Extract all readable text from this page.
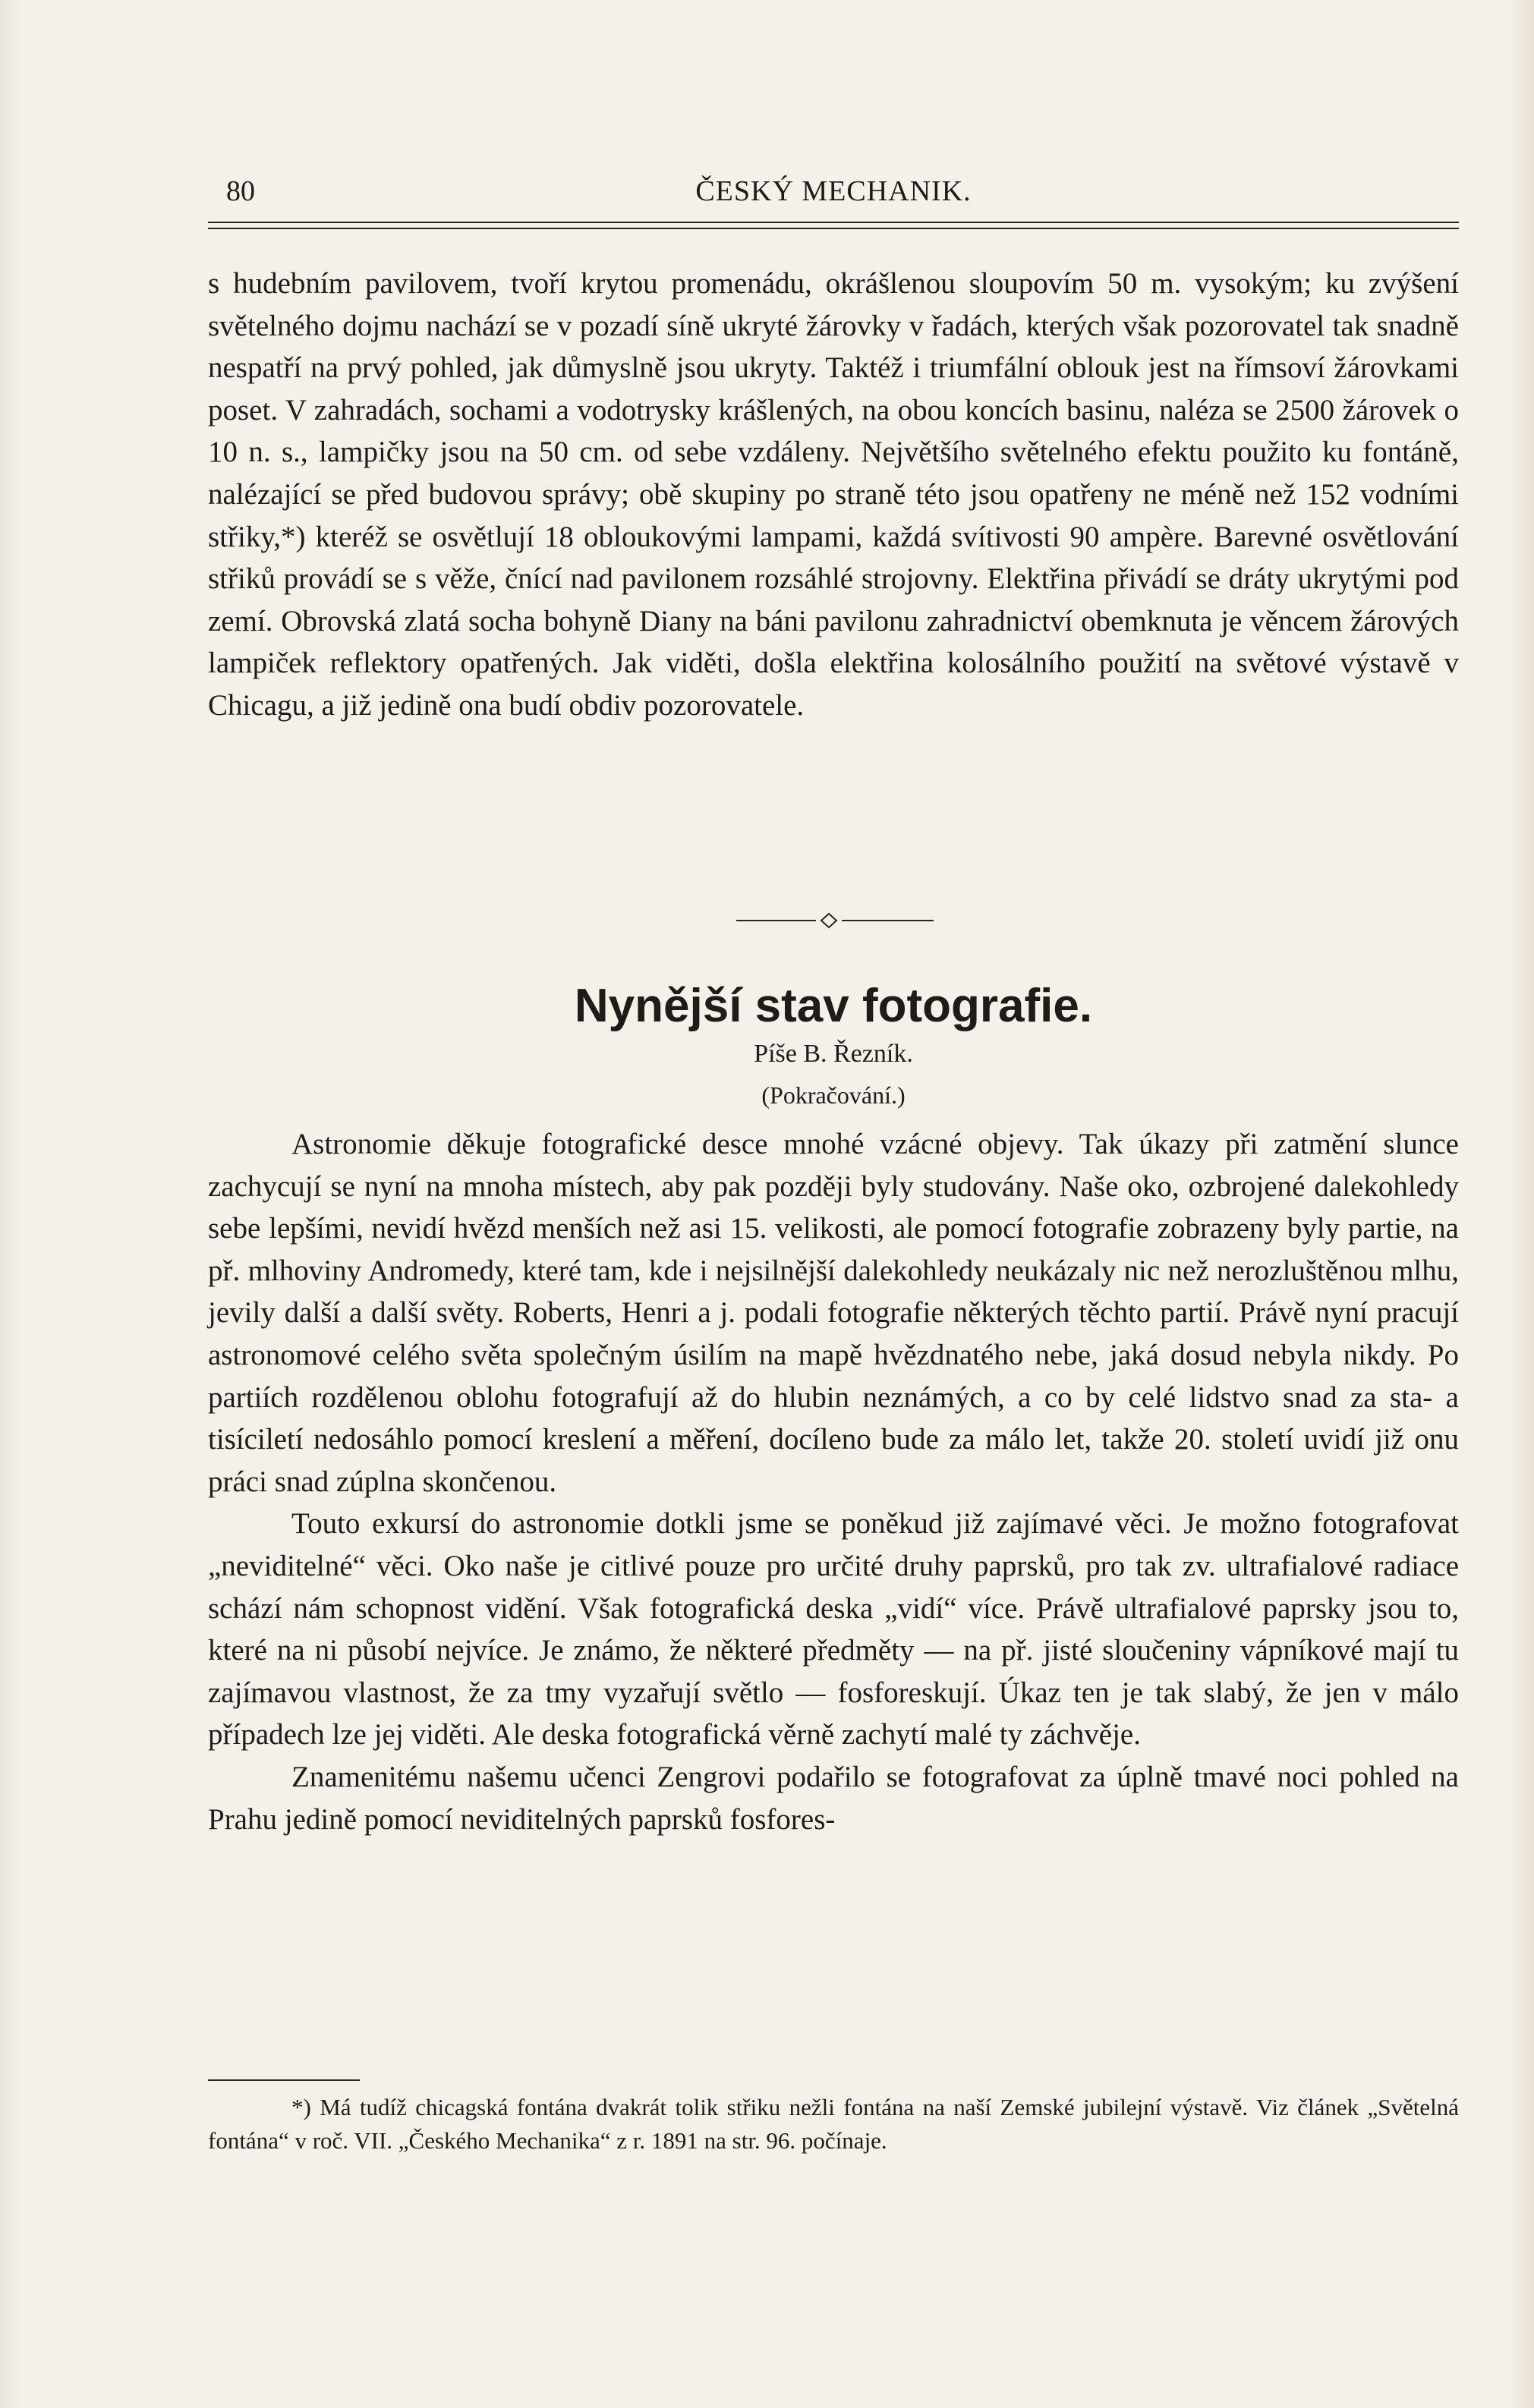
80	ČESKÝ MECHANIK.
s hudebním pavilovem, tvoří krytou promenádu, okrášlenou sloupovím 50 m. vysokým; ku zvýšení světelného dojmu nachází se v pozadí síně ukryté žárovky v řadách, kterých však pozorovatel tak snadně nespatří na prvý pohled, jak důmyslně jsou ukryty. Taktéž i triumfální oblouk jest na římsoví žárovkami poset. V zahradách, sochami a vodotrysky krášlených, na obou koncích basinu, naléza se 2500 žárovek o 10 n. s., lampičky jsou na 50 cm. od sebe vzdáleny. Největšího světelného efektu použito ku fontáně, nalézající se před budovou správy; obě skupiny po straně této jsou opatřeny ne méně než 152 vodními střiky,*) kteréž se osvětlují 18 obloukovými lampami, každá svítivosti 90 ampère. Barevné osvětlování střiků provádí se s věže, čnící nad pavilonem rozsáhlé strojovny. Elektřina přivádí se dráty ukrytými pod zemí. Obrovská zlatá socha bohyně Diany na báni pavilonu zahradnictví obemknuta je věncem žárových lampiček reflektory opatřených. Jak viděti, došla elektřina kolosálního použití na světové výstavě v Chicagu, a již jedině ona budí obdiv pozorovatele.
Nynější stav fotografie.
Píše B. Řezník.
(Pokračování.)

Astronomie děkuje fotografické desce mnohé vzácné objevy. Tak úkazy při zatmění slunce zachycují se nyní na mnoha místech, aby pak později byly studovány. Naše oko, ozbrojené dalekohledy sebe lepšími, nevidí hvězd menších než asi 15. velikosti, ale pomocí fotografie zobrazeny byly partie, na př. mlhoviny Andromedy, které tam, kde i nejsilnější dalekohledy neukázaly nic než nerozluštěnou mlhu, jevily další a další světy. Roberts, Henri a j. podali fotografie některých těchto partií. Právě nyní pracují astronomové celého světa společným úsilím na mapě hvězdnatého nebe, jaká dosud nebyla nikdy. Po partiích rozdělenou oblohu fotografují až do hlubin neznámých, a co by celé lidstvo snad za sta- a tisíciletí nedosáhlo pomocí kreslení a měření, docíleno bude za málo let, takže 20. století uvidí již onu práci snad zúplna skončenou.

Touto exkursí do astronomie dotkli jsme se poněkud již zajímavé věci. Je možno fotografovat „neviditelné“ věci. Oko naše je citlivé pouze pro určité druhy paprsků, pro tak zv. ultrafialové radiace schází nám schopnost vidění. Však fotografická deska „vidí“ více. Právě ultrafialové paprsky jsou to, které na ni působí nejvíce. Je známo, že některé předměty — na př. jisté sloučeniny vápníkové mají tu zajímavou vlastnost, že za tmy vyzařují světlo — fosforeskují. Úkaz ten je tak slabý, že jen v málo případech lze jej viděti. Ale deska fotografická věrně zachytí malé ty záchvěje.

Znamenitému našemu učenci Zengrovi podařilo se fotografovat za úplně tmavé noci pohled na Prahu jedině pomocí neviditelných paprsků fosfores-

*) Má tudíž chicagská fontána dvakrát tolik střiku nežli fontána na naší Zemské jubilejní výstavě. Viz článek „Světelná fontána“ v roč. VII. „Českého Mechanika“ z r. 1891 na str. 96. počínaje.
